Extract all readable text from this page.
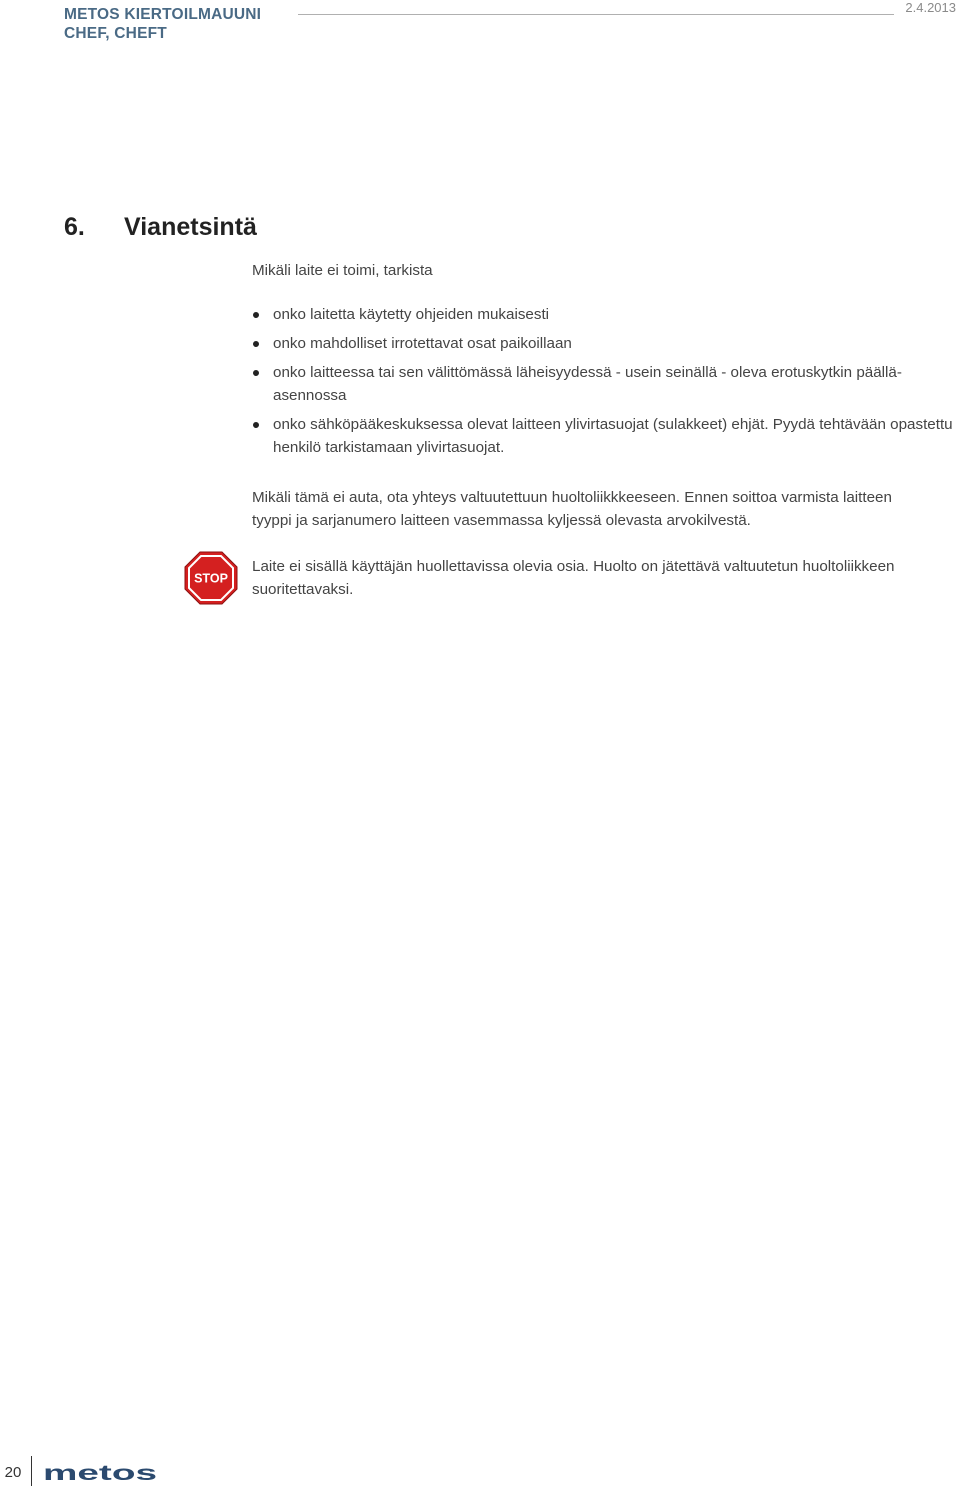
METOS KIERTOILMAUUNI
CHEF, CHEFT
2.4.2013
6. Vianetsintä
Mikäli laite ei toimi, tarkista
onko laitetta käytetty ohjeiden mukaisesti
onko mahdolliset irrotettavat osat paikoillaan
onko laitteessa tai sen välittömässä läheisyydessä - usein seinällä - oleva erotuskytkin päällä-asennossa
onko sähköpääkeskuksessa olevat laitteen ylivirtasuojat (sulakkeet) ehjät. Pyydä tehtävään opastettu henkilö tarkistamaan ylivirtasuojat.
Mikäli tämä ei auta, ota yhteys valtuutettuun huoltoliikkkeeseen. Ennen soittoa varmista laitteen tyyppi ja sarjanumero laitteen vasemmassa kyljessä olevasta arvokilvestä.
STOP
Laite ei sisällä käyttäjän huollettavissa olevia osia. Huolto on jätettävä valtuutetun huoltoliikkeen suoritettavaksi.
20 metos
